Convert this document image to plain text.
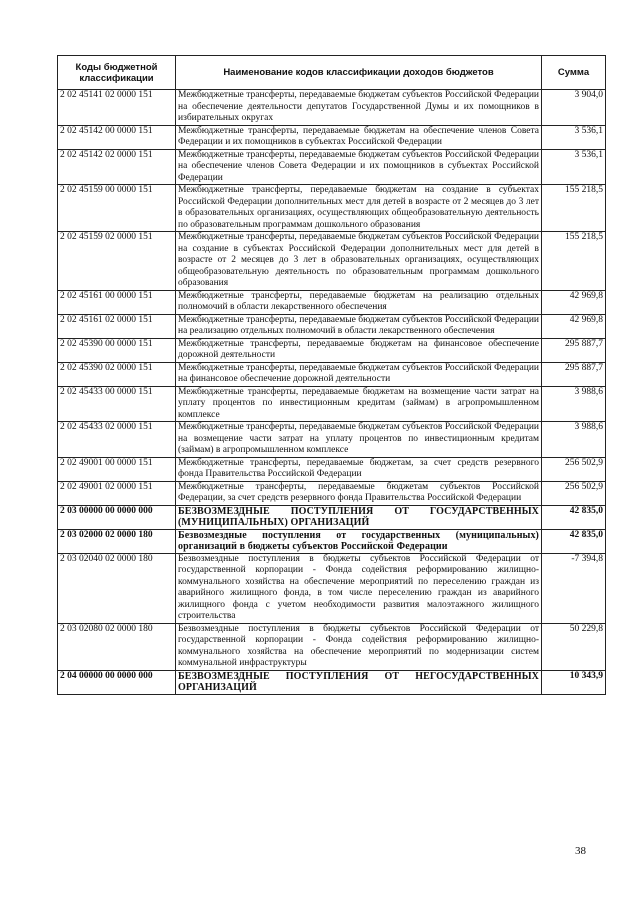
Коды бюджетной классификации	Наименование кодов классификации доходов бюджетов	Сумма
2 02 45141 02 0000 151	Межбюджетные трансферты, передаваемые бюджетам субъектов Российской Федерации на обеспечение деятельности депутатов Государственной Думы и их помощников в избирательных округах	3 904,0
2 02 45142 00 0000 151	Межбюджетные трансферты, передаваемые бюджетам на обеспечение членов Совета Федерации и их помощников в субъектах Российской Федерации	3 536,1
2 02 45142 02 0000 151	Межбюджетные трансферты, передаваемые бюджетам субъектов Российской Федерации на обеспечение членов Совета Федерации и их помощников в субъектах Российской Федерации	3 536,1
2 02 45159 00 0000 151	Межбюджетные трансферты, передаваемые бюджетам на создание в субъектах Российской Федерации дополнительных мест для детей в возрасте от 2 месяцев до 3 лет в образовательных организациях, осуществляющих общеобразовательную деятельность по образовательным программам дошкольного образования	155 218,5
2 02 45159 02 0000 151	Межбюджетные трансферты, передаваемые бюджетам субъектов Российской Федерации на создание в субъектах Российской Федерации дополнительных мест для детей в возрасте от 2 месяцев до 3 лет в образовательных организациях, осуществляющих общеобразовательную деятельность по образовательным программам дошкольного образования	155 218,5
2 02 45161 00 0000 151	Межбюджетные трансферты, передаваемые бюджетам на реализацию отдельных полномочий в области лекарственного обеспечения	42 969,8
2 02 45161 02 0000 151	Межбюджетные трансферты, передаваемые бюджетам субъектов Российской Федерации на реализацию отдельных полномочий в области лекарственного обеспечения	42 969,8
2 02 45390 00 0000 151	Межбюджетные трансферты, передаваемые бюджетам на финансовое обеспечение дорожной деятельности	295 887,7
2 02 45390 02 0000 151	Межбюджетные трансферты, передаваемые бюджетам субъектов Российской Федерации на финансовое обеспечение дорожной деятельности	295 887,7
2 02 45433 00 0000 151	Межбюджетные трансферты, передаваемые бюджетам на возмещение части затрат на уплату процентов по инвестиционным кредитам (займам) в агропромышленном комплексе	3 988,6
2 02 45433 02 0000 151	Межбюджетные трансферты, передаваемые бюджетам субъектов Российской Федерации на возмещение части затрат на уплату процентов по инвестиционным кредитам (займам) в агропромышленном комплексе	3 988,6
2 02 49001 00 0000 151	Межбюджетные трансферты, передаваемые бюджетам, за счет средств резервного фонда Правительства Российской Федерации	256 502,9
2 02 49001 02 0000 151	Межбюджетные трансферты, передаваемые бюджетам субъектов Российской Федерации, за счет средств резервного фонда Правительства Российской Федерации	256 502,9
2 03 00000 00 0000 000	БЕЗВОЗМЕЗДНЫЕ ПОСТУПЛЕНИЯ ОТ ГОСУДАРСТВЕННЫХ (МУНИЦИПАЛЬНЫХ) ОРГАНИЗАЦИЙ	42 835,0
2 03 02000 02 0000 180	Безвозмездные поступления от государственных (муниципальных) организаций в бюджеты субъектов Российской Федерации	42 835,0
2 03 02040 02 0000 180	Безвозмездные поступления в бюджеты субъектов Российской Федерации от государственной корпорации - Фонда содействия реформированию жилищно-коммунального хозяйства на обеспечение мероприятий по переселению граждан из аварийного жилищного фонда, в том числе переселению граждан из аварийного жилищного фонда с учетом необходимости развития малоэтажного жилищного строительства	-7 394,8
2 03 02080 02 0000 180	Безвозмездные поступления в бюджеты субъектов Российской Федерации от государственной корпорации - Фонда содействия реформированию жилищно-коммунального хозяйства на обеспечение мероприятий по модернизации систем коммунальной инфраструктуры	50 229,8
2 04 00000 00 0000 000	БЕЗВОЗМЕЗДНЫЕ ПОСТУПЛЕНИЯ ОТ НЕГОСУДАРСТВЕННЫХ ОРГАНИЗАЦИЙ	10 343,9
38
